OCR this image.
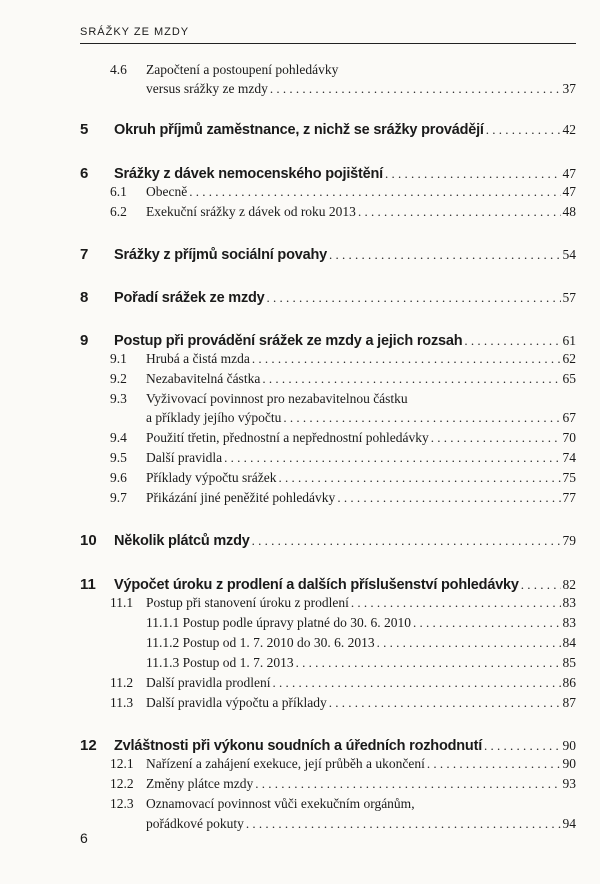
SRÁŽKY ZE MZDY
4.6	Započtení a postoupení pohledávky
versus srážky ze mzdy . . .	37
5	Okruh příjmů zaměstnance, z nichž se srážky provádějí . . .	42
6	Srážky z dávek nemocenského pojištění . . .	47
6.1	Obecně . . .	47
6.2	Exekuční srážky z dávek od roku 2013 . . .	48
7	Srážky z příjmů sociální povahy . . .	54
8	Pořadí srážek ze mzdy . . .	57
9	Postup při provádění srážek ze mzdy a jejich rozsah . . .	61
9.1	Hrubá a čistá mzda . . .	62
9.2	Nezabavitelná částka . . .	65
9.3	Vyživovací povinnost pro nezabavitelnou částku
a příklady jejího výpočtu . . .	67
9.4	Použití třetin, přednostní a nepřednostní pohledávky . . .	70
9.5	Další pravidla . . .	74
9.6	Příklady výpočtu srážek . . .	75
9.7	Přikázání jiné peněžité pohledávky . . .	77
10	Několik plátců mzdy . . .	79
11	Výpočet úroku z prodlení a dalších příslušenství pohledávky . . .	82
11.1 Postup při stanovení úroku z prodlení . . .	83
11.1.1 Postup podle úpravy platné do 30. 6. 2010 . . .	83
11.1.2 Postup od 1. 7. 2010 do 30. 6. 2013 . . .	84
11.1.3 Postup od 1. 7. 2013 . . .	85
11.2 Další pravidla prodlení . . .	86
11.3 Další pravidla výpočtu a příklady . . .	87
12	Zvláštnosti při výkonu soudních a úředních rozhodnutí . . .	90
12.1 Nařízení a zahájení exekuce, její průběh a ukončení . . .	90
12.2 Změny plátce mzdy . . .	93
12.3 Oznamovací povinnost vůči exekučním orgánům,
pořádkové pokuty . . .	94
6
